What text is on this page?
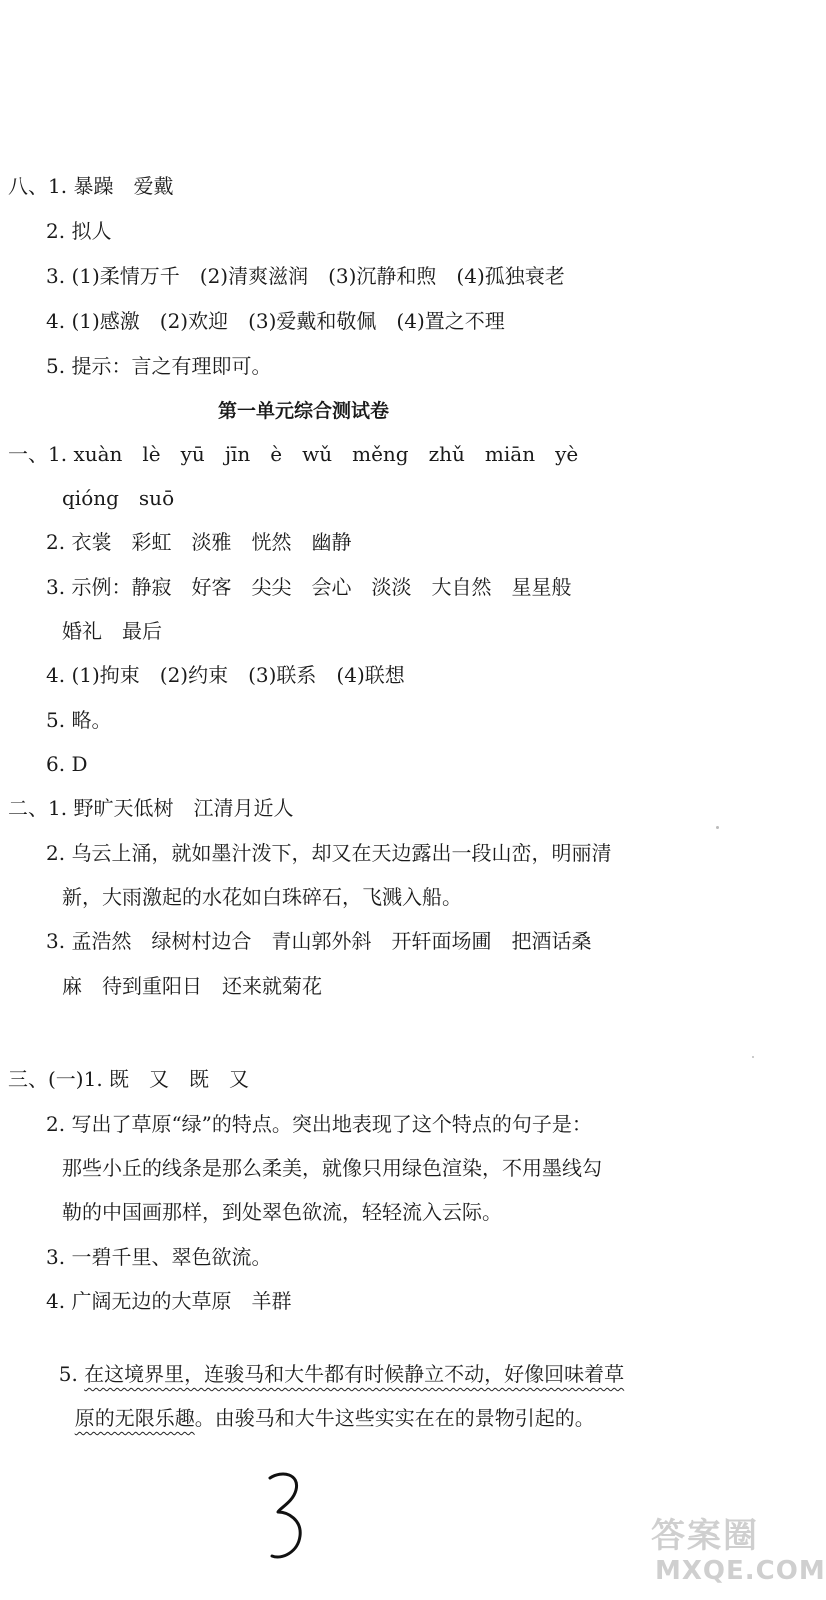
八、1. 暴躁　爱戴
2. 拟人
3. (1)柔情万千　(2)清爽滋润　(3)沉静和煦　(4)孤独衰老
4. (1)感激　(2)欢迎　(3)爱戴和敬佩　(4)置之不理
5. 提示：言之有理即可。
第一单元综合测试卷
一、1. xuàn　lè　yū　jīn　è　wǔ　měng　zhǔ　miān　yè
qióng　suō
2. 衣裳　彩虹　淡雅　恍然　幽静
3. 示例：静寂　好客　尖尖　会心　淡淡　大自然　星星般
婚礼　最后
4. (1)拘束　(2)约束　(3)联系　(4)联想
5. 略。
6. D
二、1. 野旷天低树　江清月近人
2. 乌云上涌，就如墨汁泼下，却又在天边露出一段山峦，明丽清
新，大雨激起的水花如白珠碎石，飞溅入船。
3. 孟浩然　绿树村边合　青山郭外斜　开轩面场圃　把酒话桑
麻　待到重阳日　还来就菊花
三、(一)1. 既　又　既　又
2. 写出了草原“绿”的特点。突出地表现了这个特点的句子是：
那些小丘的线条是那么柔美，就像只用绿色渲染，不用墨线勾
勒的中国画那样，到处翠色欲流，轻轻流入云际。
3. 一碧千里、翠色欲流。
4. 广阔无边的大草原　羊群

5. 在这境界里，连骏马和大牛都有时候静立不动，好像回味着草

原的无限乐趣。由骏马和大牛这些实实在在的景物引起的。

答案圈
MXQE.COM
